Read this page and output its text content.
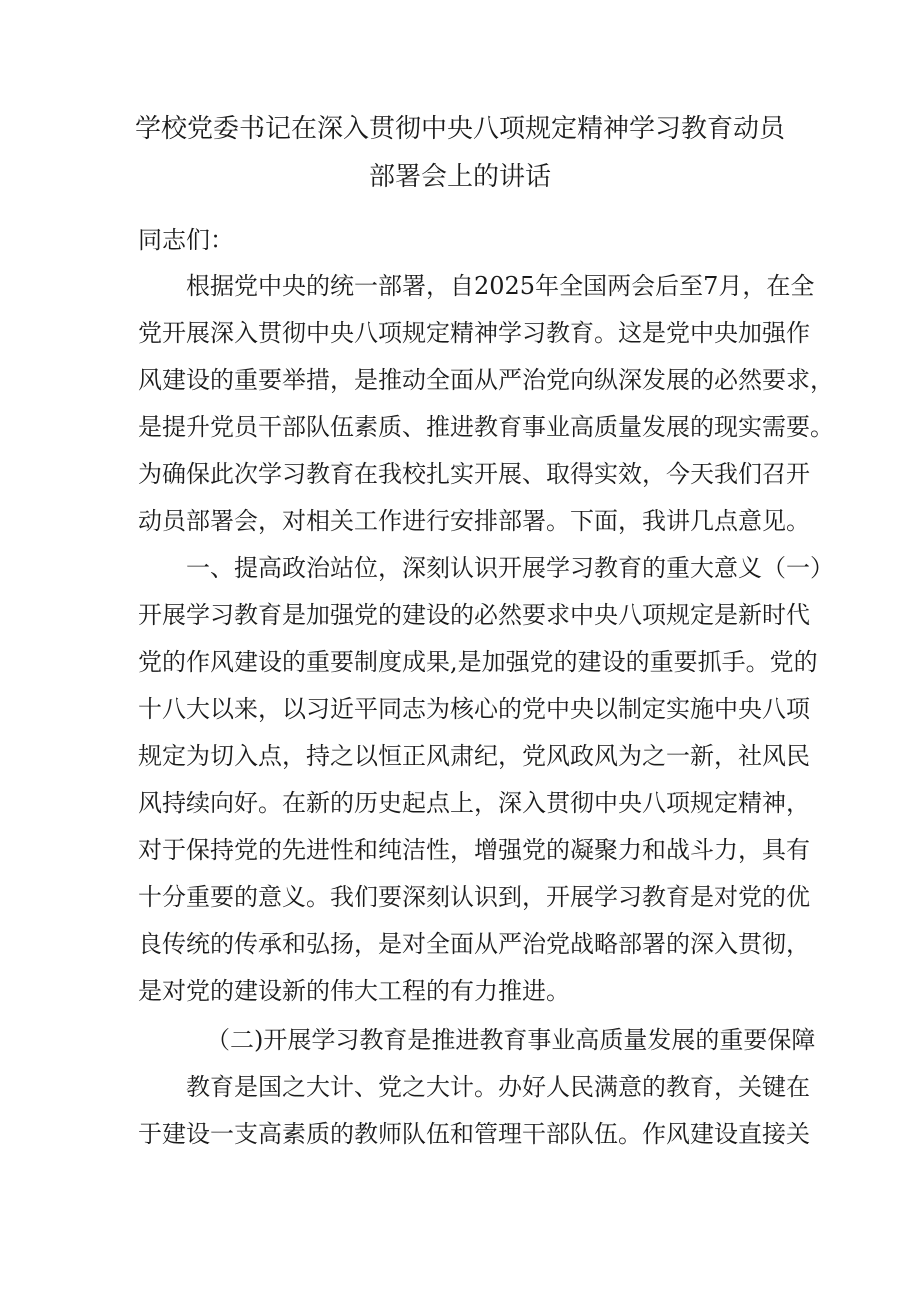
学校党委书记在深入贯彻中央八项规定精神学习教育动员
部署会上的讲话
同志们：
根据党中央的统一部署，自2025年全国两会后至7月，在全
党开展深入贯彻中央八项规定精神学习教育。这是党中央加强作
风建设的重要举措，是推动全面从严治党向纵深发展的必然要求，
是提升党员干部队伍素质、推进教育事业高质量发展的现实需要。
为确保此次学习教育在我校扎实开展、取得实效，今天我们召开
动员部署会，对相关工作进行安排部署。下面，我讲几点意见。
一、提高政治站位，深刻认识开展学习教育的重大意义（一）
开展学习教育是加强党的建设的必然要求中央八项规定是新时代
党的作风建设的重要制度成果,是加强党的建设的重要抓手。党的
十八大以来，以习近平同志为核心的党中央以制定实施中央八项
规定为切入点，持之以恒正风肃纪，党风政风为之一新，社风民
风持续向好。在新的历史起点上，深入贯彻中央八项规定精神，
对于保持党的先进性和纯洁性，增强党的凝聚力和战斗力，具有
十分重要的意义。我们要深刻认识到，开展学习教育是对党的优
良传统的传承和弘扬，是对全面从严治党战略部署的深入贯彻，
是对党的建设新的伟大工程的有力推进。
（二)开展学习教育是推进教育事业高质量发展的重要保障
教育是国之大计、党之大计。办好人民满意的教育，关键在
于建设一支高素质的教师队伍和管理干部队伍。作风建设直接关
